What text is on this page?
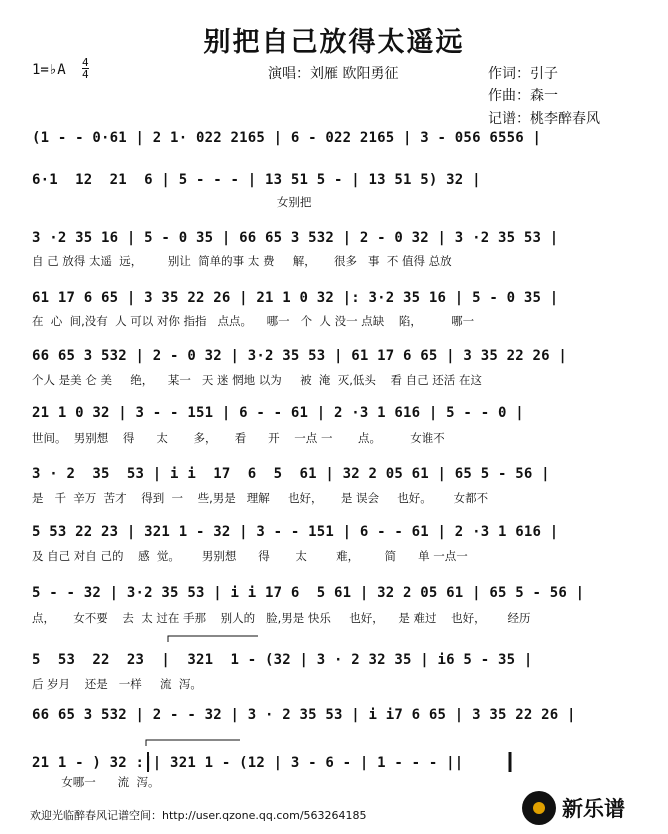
别把自己放得太遥远
1=♭A 4
4	演唱：刘雁 欧阳勇征	作词：引子
作曲：森一
记谱：桃李醉春风
(1 - - 0·61 | 2 1· 022 2165 | 6 - 022 2165 | 3 - 056 6556 |
6·1  12  21  6 | 5 - - - | 13 51 5 - | 13 51 5) 32 |
女别把
3 ·2 35 16 | 5 - 0 35 | 66 65 3 532 | 2 - 0 32 | 3 ·2 35 53 |
自 己 放得 太遥  远，       别让  简单的事 太 费     解，     很多   事  不 值得 总放
61 17 6 65 | 3 35 22 26 | 21 1 0 32 |: 3·2 35 16 | 5 - 0 35 |
在  心  间,没有  人 可以 对你 指指   点点。    哪一   个  人 没一 点缺    陷，        哪一
66 65 3 532 | 2 - 0 32 | 3·2 35 53 | 61 17 6 65 | 3 35 22 26 |
个人 是美 仑 美     绝，    某一   天 迷 惘地 以为     被  淹  灭,低头    看 自己 还活 在这
21 1 0 32 | 3 - - 151 | 6 - - 61 | 2 ·3 1 616 | 5 - - 0 |
世间。  男别想    得      太       多，     看      开    一点 一       点。        女谁不
3 · 2  35  53 | i i  17  6  5  61 | 32 2 05 61 | 65 5 - 56 |
是   千  辛万  苦才    得到  一    些,男是   理解     也好，     是 误会     也好。      女都不
5 53 22 23 | 321 1 - 32 | 3 - - 151 | 6 - - 61 | 2 ·3 1 616 |
及 自己 对自 己的    感  觉。      男别想      得       太        难，       简      单 一点一
5 - - 32 | 3·2 35 53 | i i 17 6  5 61 | 32 2 05 61 | 65 5 - 56 |
点，     女不要    去  太 过在 手那    别人的   脸,男是 快乐     也好，    是 难过    也好，      经历
5  53  22  23  |  321  1 - (32 | 3 · 2 32 35 | i6 5 - 35 |
后 岁月    还是   一样     流  泻。
66 65 3 532 | 2 - - 32 | 3 · 2 35 53 | i i7 6 65 | 3 35 22 26 |
21 1 - ) 32 :|| 321 1 - (12 | 3 - 6 - | 1 - - - ||
女哪一      流  泻。
欢迎光临醉春风记谱空间：http://user.qzone.qq.com/563264185	新乐谱
